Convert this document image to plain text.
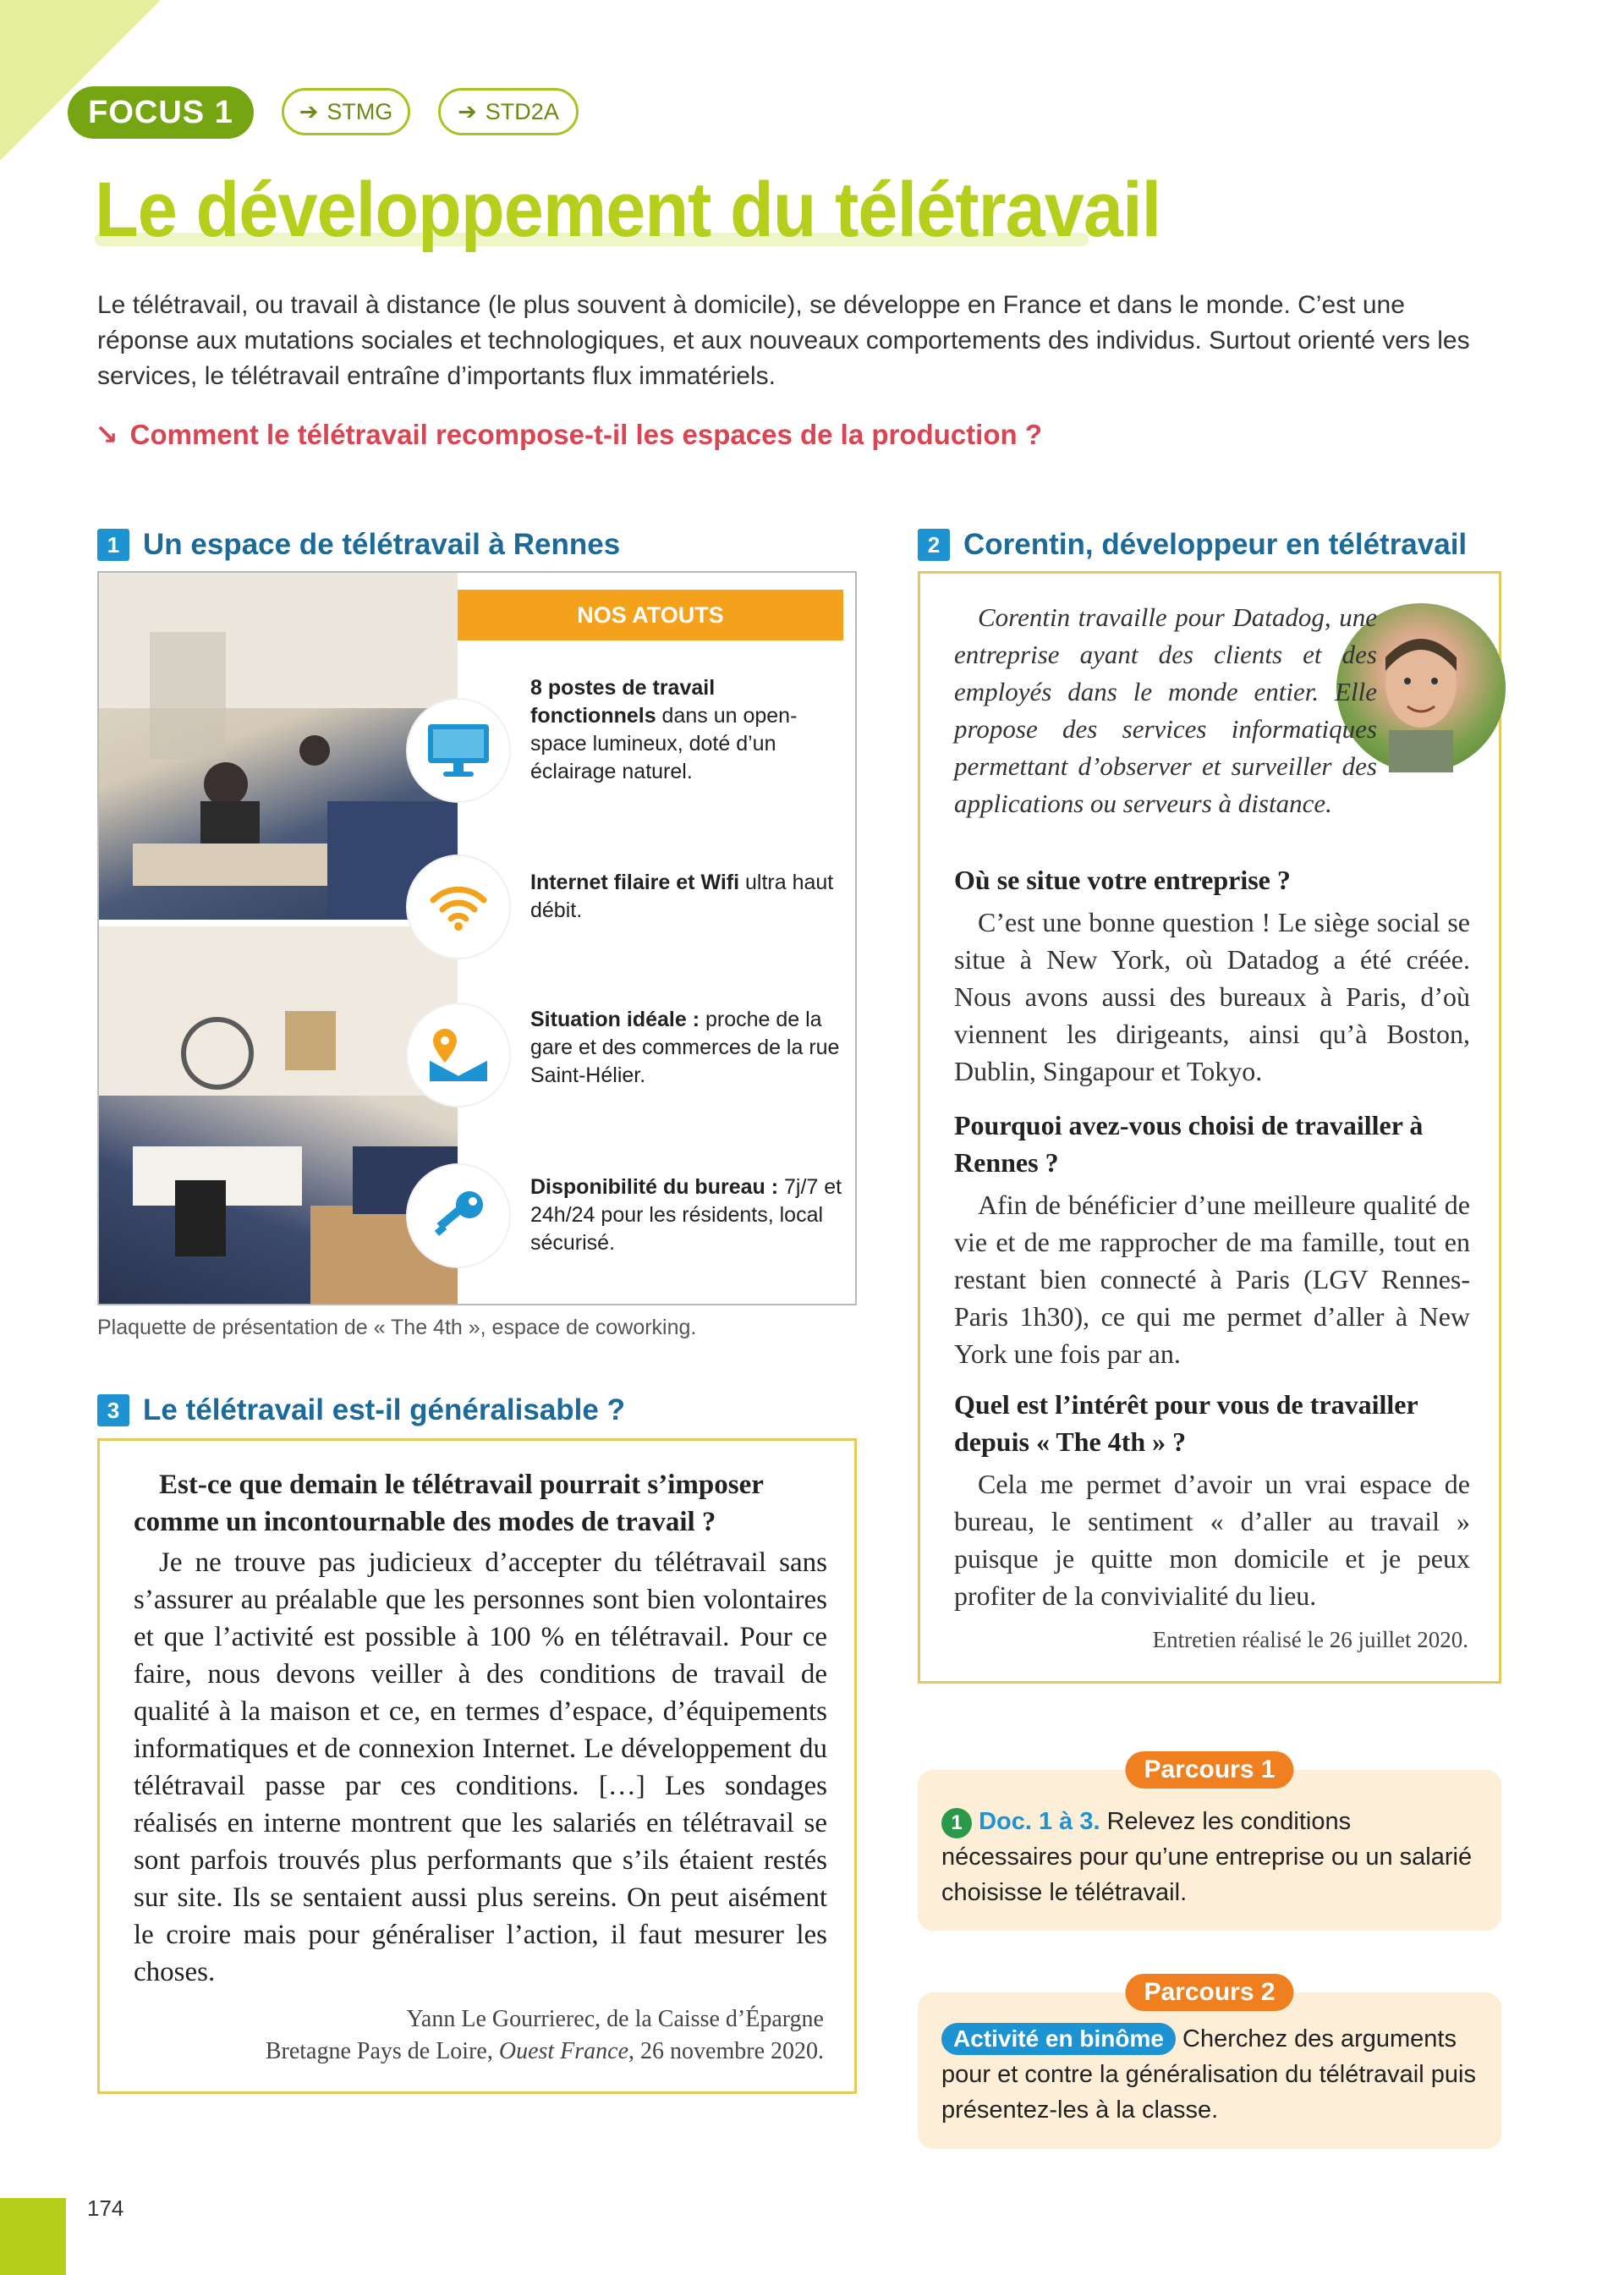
FOCUS 1	➔ STMG	➔ STD2A
Le développement du télétravail
Le télétravail, ou travail à distance (le plus souvent à domicile), se développe en France et dans le monde. C’est une réponse aux mutations sociales et technologiques, et aux nouveaux comportements des individus. Surtout orienté vers les services, le télétravail entraîne d’importants flux immatériels.
↘ Comment le télétravail recompose-t-il les espaces de la production ?
1 Un espace de télétravail à Rennes
NOS ATOUTS
8 postes de travail fonctionnels dans un open-space lumineux, doté d’un éclairage naturel.
Internet filaire et Wifi ultra haut débit.
Situation idéale : proche de la gare et des commerces de la rue Saint-Hélier.
Disponibilité du bureau : 7j/7 et 24h/24 pour les résidents, local sécurisé.
Plaquette de présentation de « The 4th », espace de coworking.
3 Le télétravail est-il généralisable ?
Est-ce que demain le télétravail pourrait s’imposer comme un incontournable des modes de travail ?
Je ne trouve pas judicieux d’accepter du télétravail sans s’assurer au préalable que les personnes sont bien volontaires et que l’activité est possible à 100 % en télétravail. Pour ce faire, nous devons veiller à des conditions de travail de qualité à la maison et ce, en termes d’espace, d’équipements informatiques et de connexion Internet. Le développement du télétravail passe par ces conditions. […] Les sondages réalisés en interne montrent que les salariés en télétravail se sont parfois trouvés plus performants que s’ils étaient restés sur site. Ils se sentaient aussi plus sereins. On peut aisément le croire mais pour généraliser l’action, il faut mesurer les choses.
Yann Le Gourrierec, de la Caisse d’Épargne
Bretagne Pays de Loire, Ouest France, 26 novembre 2020.
2 Corentin, développeur en télétravail
Corentin travaille pour Datadog, une entreprise ayant des clients et des employés dans le monde entier. Elle propose des services informatiques permettant d’observer et surveiller des applications ou serveurs à distance.
Où se situe votre entreprise ?
C’est une bonne question ! Le siège social se situe à New York, où Datadog a été créée. Nous avons aussi des bureaux à Paris, d’où viennent les dirigeants, ainsi qu’à Boston, Dublin, Singapour et Tokyo.
Pourquoi avez-vous choisi de travailler à Rennes ?
Afin de bénéficier d’une meilleure qualité de vie et de me rapprocher de ma famille, tout en restant bien connecté à Paris (LGV Rennes-Paris 1h30), ce qui me permet d’aller à New York une fois par an.
Quel est l’intérêt pour vous de travailler depuis « The 4th » ?
Cela me permet d’avoir un vrai espace de bureau, le sentiment « d’aller au travail » puisque je quitte mon domicile et je peux profiter de la convivialité du lieu.
Entretien réalisé le 26 juillet 2020.
Parcours 1
1 Doc. 1 à 3. Relevez les conditions nécessaires pour qu’une entreprise ou un salarié choisisse le télétravail.
Parcours 2
Activité en binôme Cherchez des arguments pour et contre la généralisation du télétravail puis présentez-les à la classe.
174
